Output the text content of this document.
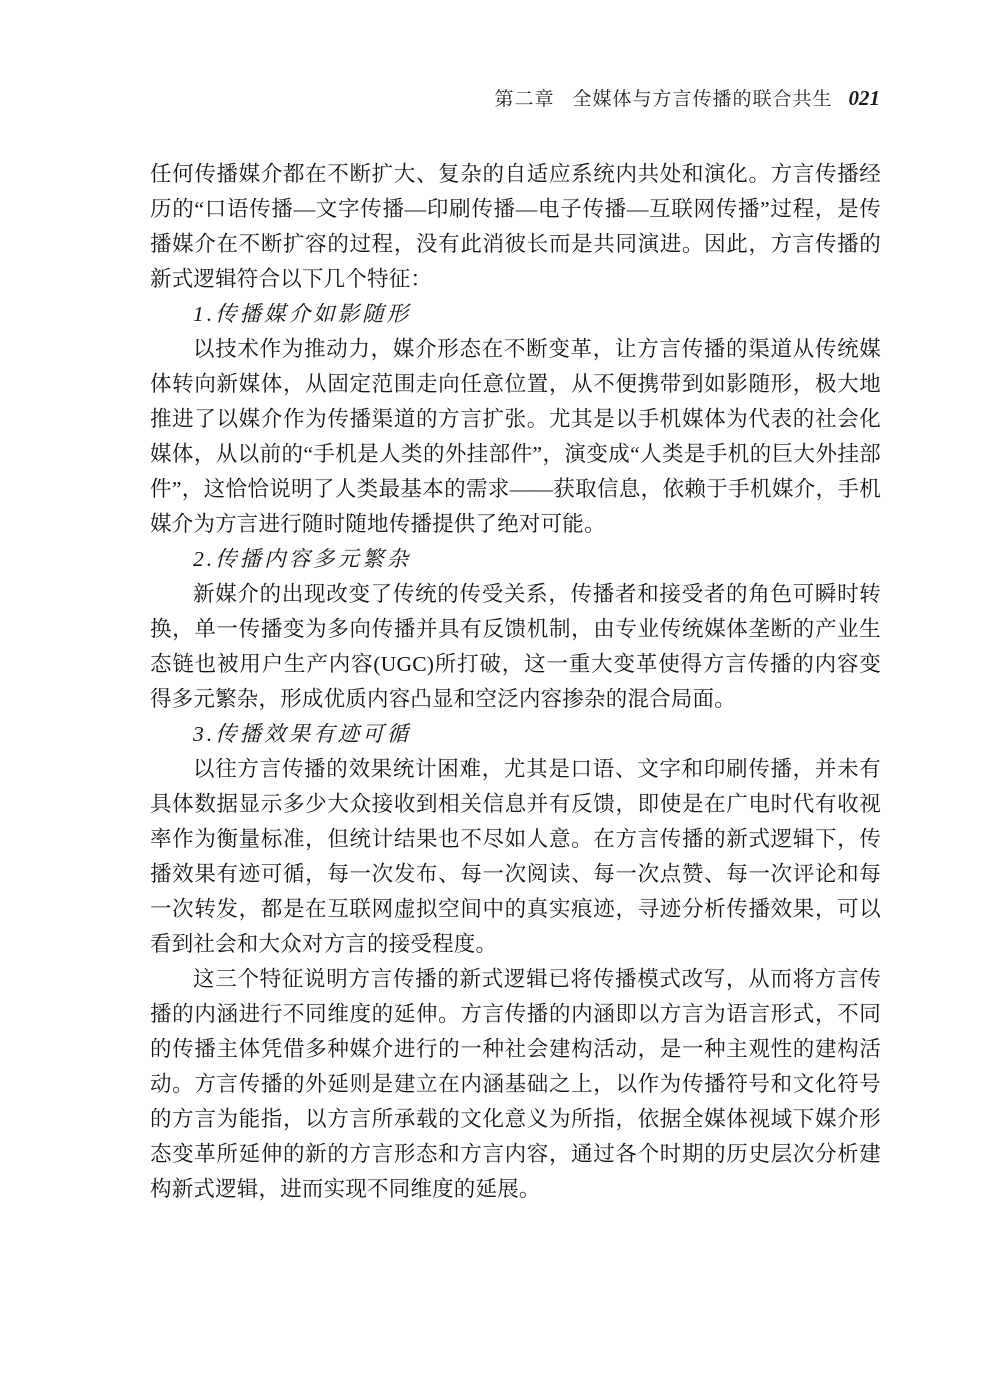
第二章 全媒体与方言传播的联合共生 021

任何传播媒介都在不断扩大、复杂的自适应系统内共处和演化。方言传播经历的“口语传播—文字传播—印刷传播—电子传播—互联网传播”过程，是传播媒介在不断扩容的过程，没有此消彼长而是共同演进。因此，方言传播的新式逻辑符合以下几个特征：

1.传播媒介如影随形

以技术作为推动力，媒介形态在不断变革，让方言传播的渠道从传统媒体转向新媒体，从固定范围走向任意位置，从不便携带到如影随形，极大地推进了以媒介作为传播渠道的方言扩张。尤其是以手机媒体为代表的社会化媒体，从以前的“手机是人类的外挂部件”，演变成“人类是手机的巨大外挂部件”，这恰恰说明了人类最基本的需求——获取信息，依赖于手机媒介，手机媒介为方言进行随时随地传播提供了绝对可能。

2.传播内容多元繁杂

新媒介的出现改变了传统的传受关系，传播者和接受者的角色可瞬时转换，单一传播变为多向传播并具有反馈机制，由专业传统媒体垄断的产业生态链也被用户生产内容(UGC)所打破，这一重大变革使得方言传播的内容变得多元繁杂，形成优质内容凸显和空泛内容掺杂的混合局面。

3.传播效果有迹可循

以往方言传播的效果统计困难，尤其是口语、文字和印刷传播，并未有具体数据显示多少大众接收到相关信息并有反馈，即使是在广电时代有收视率作为衡量标准，但统计结果也不尽如人意。在方言传播的新式逻辑下，传播效果有迹可循，每一次发布、每一次阅读、每一次点赞、每一次评论和每一次转发，都是在互联网虚拟空间中的真实痕迹，寻迹分析传播效果，可以看到社会和大众对方言的接受程度。

这三个特征说明方言传播的新式逻辑已将传播模式改写，从而将方言传播的内涵进行不同维度的延伸。方言传播的内涵即以方言为语言形式，不同的传播主体凭借多种媒介进行的一种社会建构活动，是一种主观性的建构活动。方言传播的外延则是建立在内涵基础之上，以作为传播符号和文化符号的方言为能指，以方言所承载的文化意义为所指，依据全媒体视域下媒介形态变革所延伸的新的方言形态和方言内容，通过各个时期的历史层次分析建构新式逻辑，进而实现不同维度的延展。
